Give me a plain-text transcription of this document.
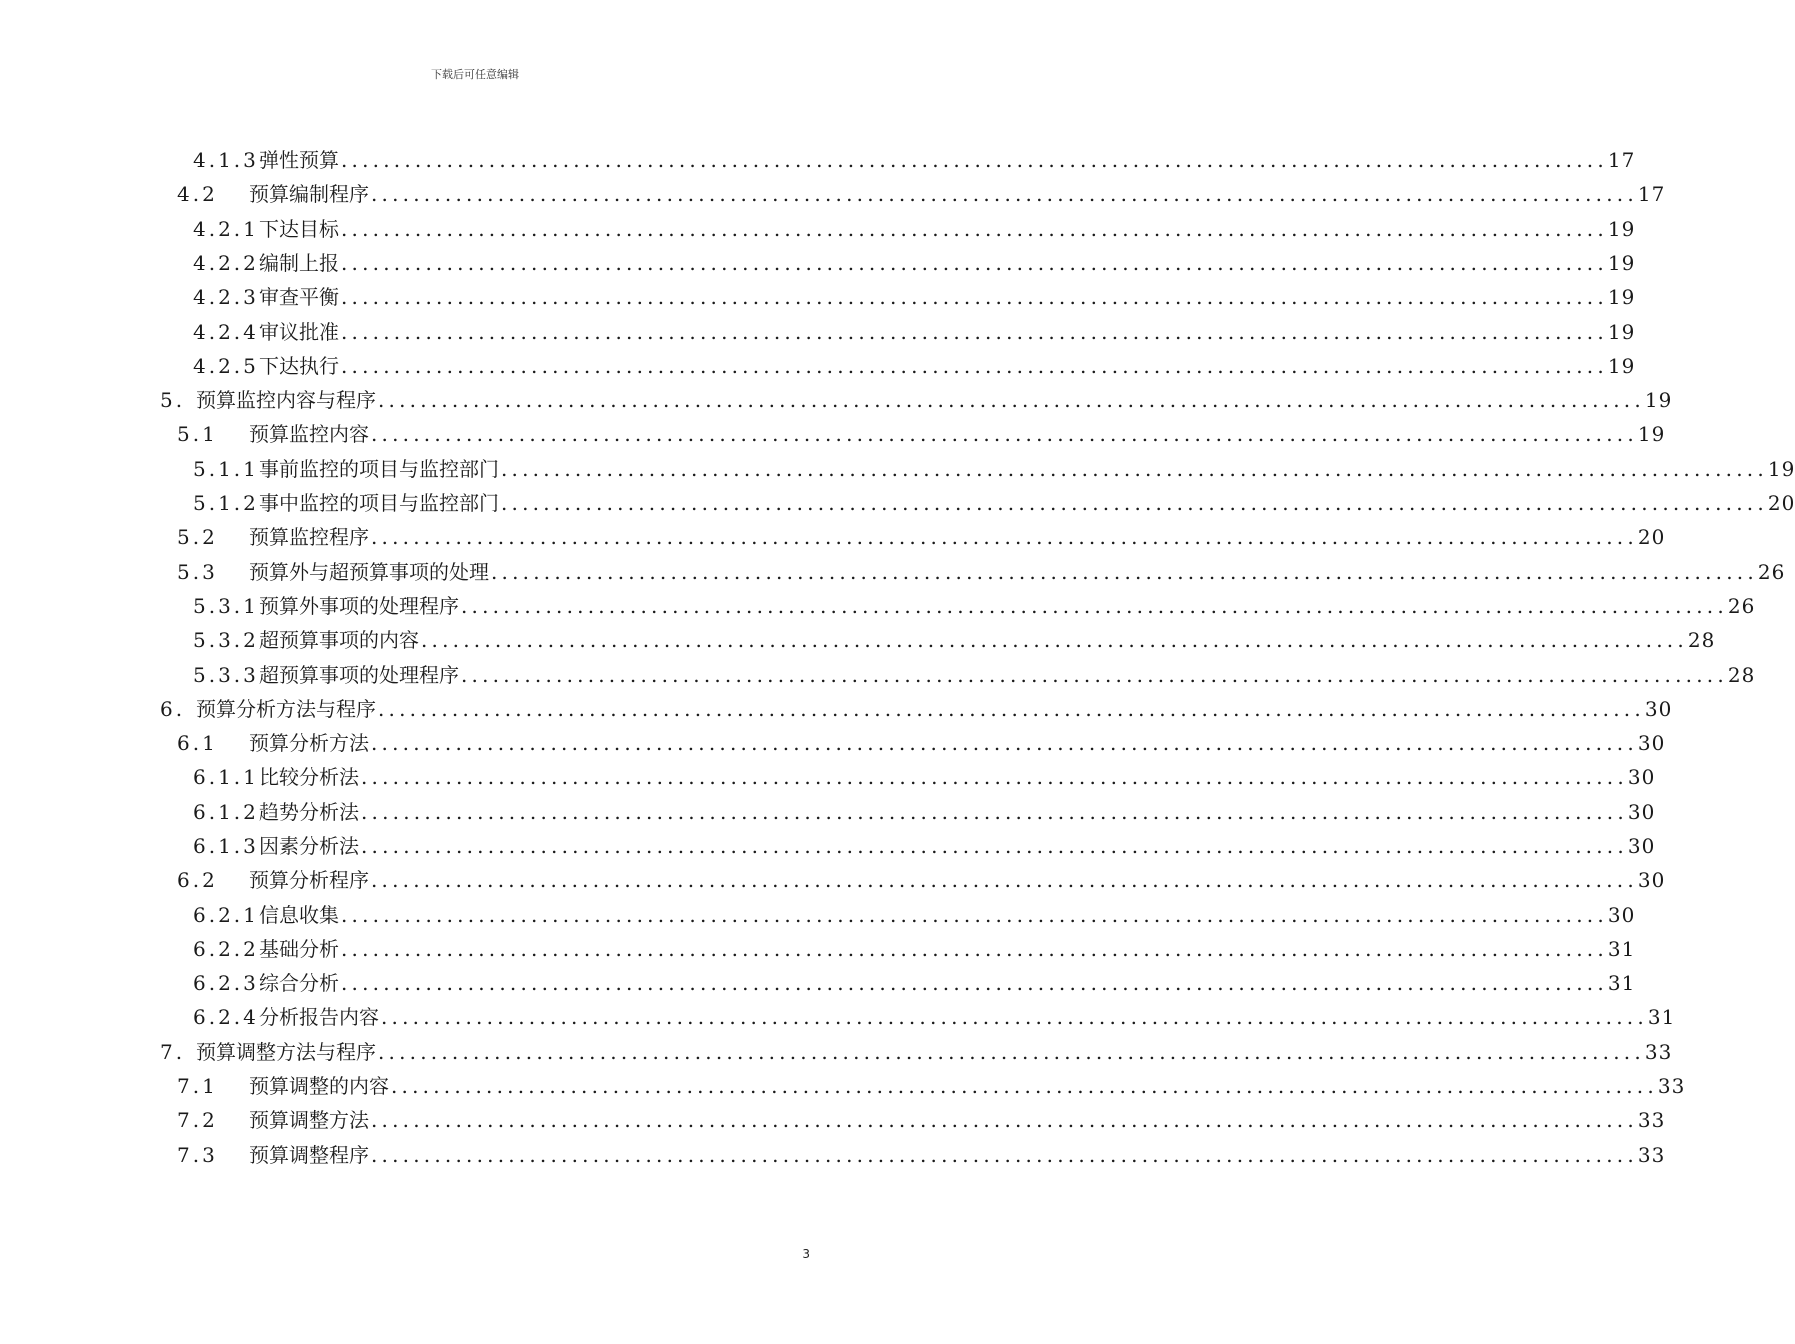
下载后可任意编辑
4.1.3 弹性预算 ........................................................................................................................ 17
4.2	预算编制程序 ........................................................................................................................ 17
4.2.1 下达目标 ........................................................................................................................ 19
4.2.2 编制上报 ........................................................................................................................ 19
4.2.3 审查平衡 ........................................................................................................................ 19
4.2.4 审议批准 ........................................................................................................................ 19
4.2.5 下达执行 ........................................................................................................................ 19
5. 预算监控内容与程序 ........................................................................................................................ 19
5.1	预算监控内容 ........................................................................................................................ 19
5.1.1 事前监控的项目与监控部门 ........................................................................................................................ 19
5.1.2 事中监控的项目与监控部门 ........................................................................................................................ 20
5.2	预算监控程序 ........................................................................................................................ 20
5.3	预算外与超预算事项的处理 ........................................................................................................................ 26
5.3.1 预算外事项的处理程序 ........................................................................................................................ 26
5.3.2 超预算事项的内容 ........................................................................................................................ 28
5.3.3 超预算事项的处理程序 ........................................................................................................................ 28
6. 预算分析方法与程序 ........................................................................................................................ 30
6.1	预算分析方法 ........................................................................................................................ 30
6.1.1 比较分析法 ........................................................................................................................ 30
6.1.2 趋势分析法 ........................................................................................................................ 30
6.1.3 因素分析法 ........................................................................................................................ 30
6.2	预算分析程序 ........................................................................................................................ 30
6.2.1 信息收集 ........................................................................................................................ 30
6.2.2 基础分析 ........................................................................................................................ 31
6.2.3 综合分析 ........................................................................................................................ 31
6.2.4 分析报告内容 ........................................................................................................................ 31
7. 预算调整方法与程序 ........................................................................................................................ 33
7.1	预算调整的内容 ........................................................................................................................ 33
7.2	预算调整方法 ........................................................................................................................ 33
7.3	预算调整程序 ........................................................................................................................ 33
3
